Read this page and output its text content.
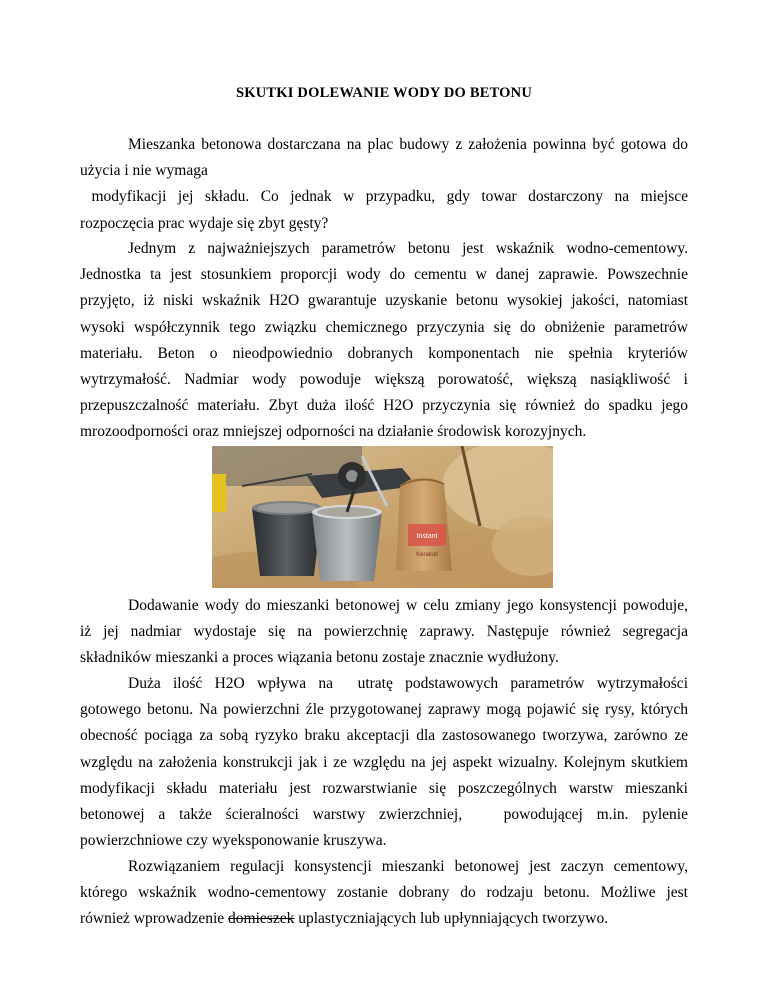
SKUTKI DOLEWANIE WODY DO BETONU
Mieszanka betonowa dostarczana na plac budowy z założenia powinna być gotowa do
użycia i nie wymaga
modyfikacji jej składu. Co jednak w przypadku, gdy towar dostarczony na miejsce
rozpoczęcia prac wydaje się zbyt gęsty?
Jednym z najważniejszych parametrów betonu jest wskaźnik wodno-cementowy.
Jednostka ta jest stosunkiem proporcji wody do cementu w danej zaprawie. Powszechnie
przyjęto, iż niski wskaźnik H2O gwarantuje uzyskanie betonu wysokiej jakości, natomiast
wysoki współczynnik tego związku chemicznego przyczynia się do obniżenie parametrów
materiału. Beton o nieodpowiednio dobranych komponentach nie spełnia kryteriów
wytrzymałość. Nadmiar wody powoduje większą porowatość, większą nasiąkliwość i
przepuszczalność materiału. Zbyt duża ilość H2O przyczynia się również do spadku jego
mrozoodporności oraz mniejszej odporności na działanie środowisk korozyjnych.
Instant
Kerakoll
Dodawanie wody do mieszanki betonowej w celu zmiany jego konsystencji powoduje,
iż jej nadmiar wydostaje się na powierzchnię zaprawy. Następuje również segregacja
składników mieszanki a proces wiązania betonu zostaje znacznie wydłużony.
Duża ilość H2O wpływa na  utratę podstawowych parametrów wytrzymałości
gotowego betonu. Na powierzchni źle przygotowanej zaprawy mogą pojawić się rysy, których
obecność pociąga za sobą ryzyko braku akceptacji dla zastosowanego tworzywa, zarówno ze
względu na założenia konstrukcji jak i ze względu na jej aspekt wizualny. Kolejnym skutkiem
modyfikacji składu materiału jest rozwarstwianie się poszczególnych warstw mieszanki
betonowej a także ścieralności warstwy zwierzchniej,   powodującej m.in. pylenie
powierzchniowe czy wyeksponowanie kruszywa.
Rozwiązaniem regulacji konsystencji mieszanki betonowej jest zaczyn cementowy,
którego wskaźnik wodno-cementowy zostanie dobrany do rodzaju betonu. Możliwe jest
również wprowadzenie domieszek uplastyczniających lub upłynniających tworzywo.
